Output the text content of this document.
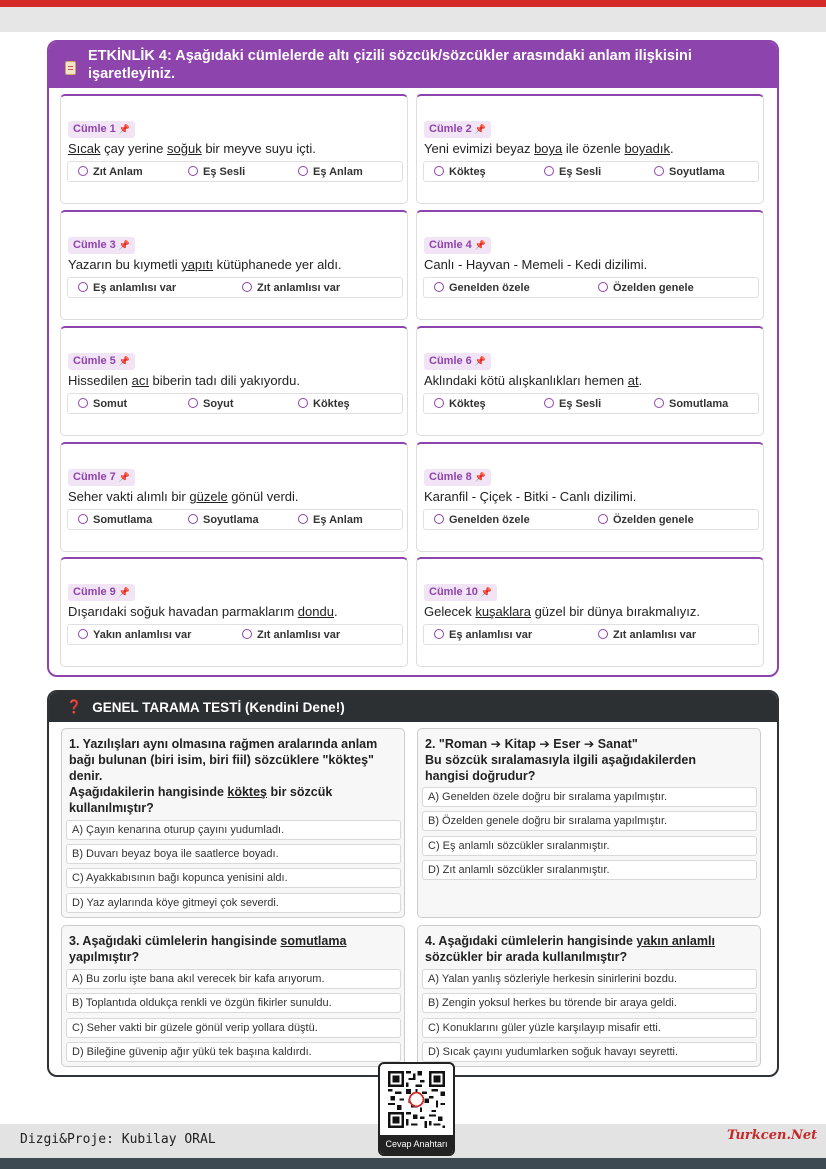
ETKİNLİK 4: Aşağıdaki cümlelerde altı çizili sözcük/sözcükler arasındaki anlam ilişkisini
işaretleyiniz.
Cümle 1 📌
Sıcak çay yerine soğuk bir meyve suyu içti.
Zıt Anlam	Eş Sesli	Eş Anlam
Cümle 2 📌
Yeni evimizi beyaz boya ile özenle boyadık.
Köktеş	Eş Sesli	Soyutlama
Cümle 3 📌
Yazarın bu kıymetli yapıtı kütüphanede yer aldı.
Eş anlamlısı var	Zıt anlamlısı var
Cümle 4 📌
Canlı - Hayvan - Memeli - Kedi dizilimi.
Genelden özele	Özelden genele
Cümle 5 📌
Hissedilen acı biberin tadı dili yakıyordu.
Somut	Soyut	Köktеş
Cümle 6 📌
Aklındaki kötü alışkanlıkları hemen at.
Köktеş	Eş Sesli	Somutlama
Cümle 7 📌
Seher vakti alımlı bir güzele gönül verdi.
Somutlama	Soyutlama	Eş Anlam
Cümle 8 📌
Karanfil - Çiçek - Bitki - Canlı dizilimi.
Genelden özele	Özelden genele
Cümle 9 📌
Dışarıdaki soğuk havadan parmaklarım dondu.
Yakın anlamlısı var	Zıt anlamlısı var
Cümle 10 📌
Gelecek kuşaklara güzel bir dünya bırakmalıyız.
Eş anlamlısı var	Zıt anlamlısı var
❓ GENEL TARAMA TESTİ (Kendini Dene!)
1. Yazılışları aynı olmasına rağmen aralarında anlam
bağı bulunan (biri isim, biri fiil) sözcüklere "köktеş"
denir.
Aşağıdakilerin hangisinde köktеş bir sözcük
kullanılmıştır?
A) Çayın kenarına oturup çayını yudumladı.
B) Duvarı beyaz boya ile saatlerce boyadı.
C) Ayakkabısının bağı kopunca yenisini aldı.
D) Yaz aylarında köye gitmeyi çok severdi.
2. "Roman ➔ Kitap ➔ Eser ➔ Sanat"
Bu sözcük sıralamasıyla ilgili aşağıdakilerden
hangisi doğrudur?
A) Genelden özele doğru bir sıralama yapılmıştır.
B) Özelden genele doğru bir sıralama yapılmıştır.
C) Eş anlamlı sözcükler sıralanmıştır.
D) Zıt anlamlı sözcükler sıralanmıştır.
3. Aşağıdaki cümlelerin hangisinde somutlama
yapılmıştır?
A) Bu zorlu işte bana akıl verecek bir kafa arıyorum.
B) Toplantıda oldukça renkli ve özgün fikirler sunuldu.
C) Seher vakti bir güzele gönül verip yollara düştü.
D) Bileğine güvenip ağır yükü tek başına kaldırdı.
4. Aşağıdaki cümlelerin hangisinde yakın anlamlı
sözcükler bir arada kullanılmıştır?
A) Yalan yanlış sözleriyle herkesin sinirlerini bozdu.
B) Zengin yoksul herkes bu törende bir araya geldi.
C) Konuklarını güler yüzle karşılayıp misafir etti.
D) Sıcak çayını yudumlarken soğuk havayı seyretti.
Dizgi&Proje: Kubilay ORAL	Turkcen.Net
Cevap Anahtarı
